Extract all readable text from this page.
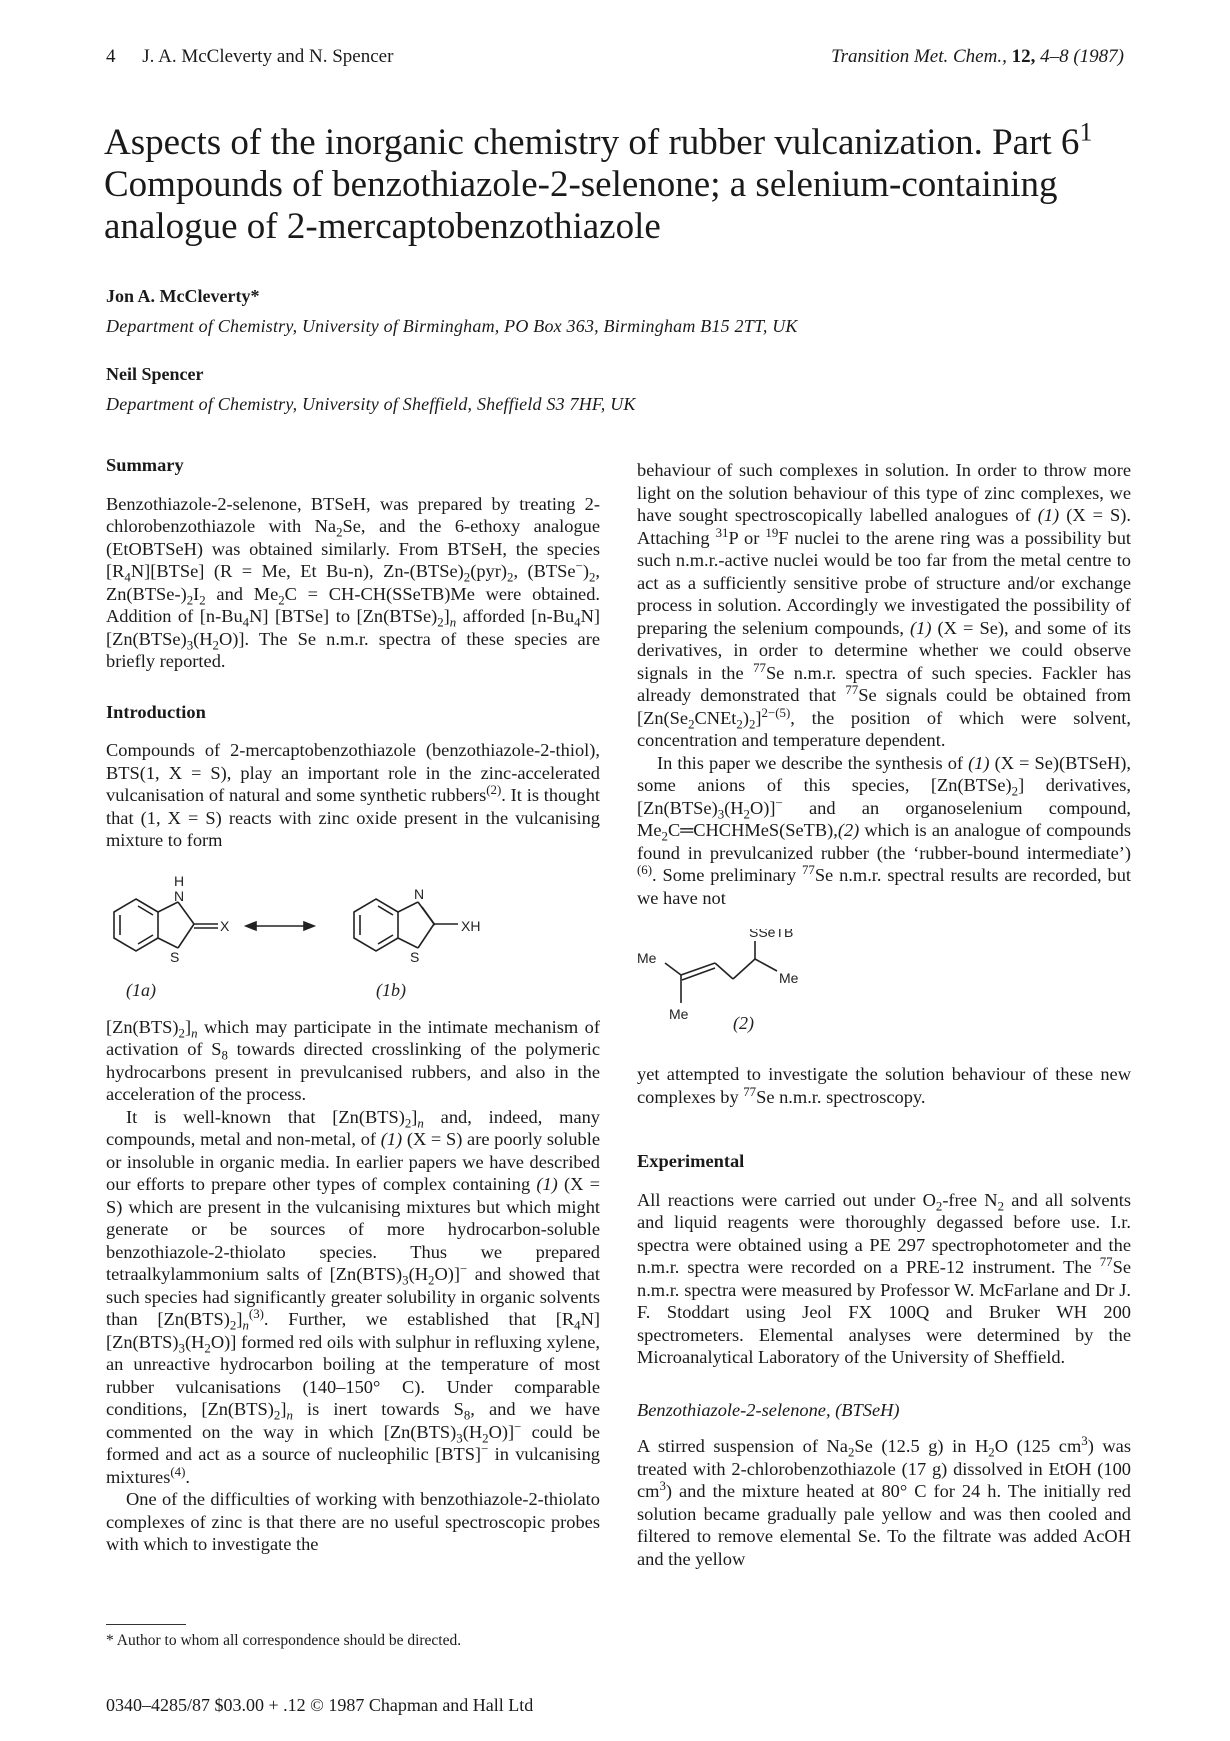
4 J. A. McCleverty and N. Spencer	Transition Met. Chem., 12, 4–8 (1987)
Aspects of the inorganic chemistry of rubber vulcanization. Part $6^1$
Compounds of benzothiazole-2-selenone; a selenium-containing
analogue of 2-mercaptobenzothiazole
Jon A. McCleverty*
Department of Chemistry, University of Birmingham, PO Box 363, Birmingham B15 2TT, UK
Neil Spencer
Department of Chemistry, University of Sheffield, Sheffield S3 7HF, UK
Summary

Benzothiazole-2-selenone, BTSeH, was prepared by treating 2-chlorobenzothiazole with $Na_2Se$, and the 6-ethoxy analogue (EtOBTSeH) was obtained similarly. From BTSeH, the species $[R_4N][BTSe] (R = Me$, Et Bu-n), $Zn-(BTSe)_2(pyr)_2$, $(BTSe^-)_2$, $Zn(BTSe-)_2I_2$ and $Me_2C$ = CH-CH(SSeTB)Me were obtained. Addition of $[n-Bu_4N]$ [BTSe] to $[Zn(BTSe)_2]_n$ afforded $[n-Bu_4N]$ $[Zn(BTSe)_3(H_2O)]$. The Se n.m.r. spectra of these species are briefly reported.

Introduction

Compounds of 2-mercaptobenzothiazole (benzothiazole-2-thiol), BTS(1, X = S), play an important role in the zinc-accelerated vulcanisation of natural and some synthetic rubbers$^{(2)}$. It is thought that (1, X = S) reacts with zinc oxide present in the vulcanising mixture to form

H
N
S
X
N
S
XH
(1a)	(1b)

$[Zn(BTS)_2]_n$ which may participate in the intimate mechanism of activation of $S_8$ towards directed crosslinking of the polymeric hydrocarbons present in prevulcanised rubbers, and also in the acceleration of the process.

It is well-known that $[Zn(BTS)_2]_n$ and, indeed, many compounds, metal and non-metal, of (1) (X = S) are poorly soluble or insoluble in organic media. In earlier papers we have described our efforts to prepare other types of complex containing (1) (X = S) which are present in the vulcanising mixtures but which might generate or be sources of more hydrocarbon-soluble benzothiazole-2-thiolato species. Thus we prepared tetraalkylammonium salts of $[Zn(BTS)_3(H_2O)]^-$ and showed that such species had significantly greater solubility in organic solvents than $[Zn(BTS)_2]_n^{(3)}$. Further, we established that $[R_4N][Zn(BTS)_3(H_2O)]$ formed red oils with sulphur in refluxing xylene, an unreactive hydrocarbon boiling at the temperature of most rubber vulcanisations (140–150° C). Under comparable conditions, $[Zn(BTS)_2]_n$ is inert towards $S_8$, and we have commented on the way in which $[Zn(BTS)_3(H_2O)]^-$ could be formed and act as a source of nucleophilic [BTS]− in vulcanising mixtures$^{(4)}$.

One of the difficulties of working with benzothiazole-2-thiolato complexes of zinc is that there are no useful spectroscopic probes with which to investigate the

behaviour of such complexes in solution. In order to throw more light on the solution behaviour of this type of zinc complexes, we have sought spectroscopically labelled analogues of (1) (X = S). Attaching $^{31}$P or $^{19}$F nuclei to the arene ring was a possibility but such n.m.r.-active nuclei would be too far from the metal centre to act as a sufficiently sensitive probe of structure and/or exchange process in solution. Accordingly we investigated the possibility of preparing the selenium compounds, (1) (X = Se), and some of its derivatives, in order to determine whether we could observe signals in the $^{77}$Se n.m.r. spectra of such species. Fackler has already demonstrated that $^{77}$Se signals could be obtained from $[Zn(Se_2CNEt_2)_2]^{2-(5)}$, the position of which were solvent, concentration and temperature dependent.

In this paper we describe the synthesis of (1) (X = Se)(BTSeH), some anions of this species, $[Zn(BTSe)_2]$ derivatives, $[Zn(BTSe)_3(H_2O)]^-$ and an organoselenium compound, $Me_2C═CHCHMeS(SeTB),(2)$ which is an analogue of compounds found in prevulcanized rubber (the ‘rubber-bound intermediate’)$^{(6)}$. Some preliminary $^{77}$Se n.m.r. spectral results are recorded, but we have not

SSeTB
Me
Me
Me (2)

yet attempted to investigate the solution behaviour of these new complexes by $^{77}$Se n.m.r. spectroscopy.

Experimental

All reactions were carried out under $O_2$-free $N_2$ and all solvents and liquid reagents were thoroughly degassed before use. I.r. spectra were obtained using a PE 297 spectrophotometer and the n.m.r. spectra were recorded on a PRE-12 instrument. The $^{77}$Se n.m.r. spectra were measured by Professor W. McFarlane and Dr J. F. Stoddart using Jeol FX 100Q and Bruker WH 200 spectrometers. Elemental analyses were determined by the Microanalytical Laboratory of the University of Sheffield.

Benzothiazole-2-selenone, (BTSeH)

A stirred suspension of $Na_2Se$ (12.5 g) in $H_2O$ (125 $cm^3$) was treated with 2-chlorobenzothiazole (17 g) dissolved in EtOH (100 $cm^3$) and the mixture heated at 80° C for 24 h. The initially red solution became gradually pale yellow and was then cooled and filtered to remove elemental Se. To the filtrate was added AcOH and the yellow

* Author to whom all correspondence should be directed.
0340–4285/87 $03.00 + .12 © 1987 Chapman and Hall Ltd
